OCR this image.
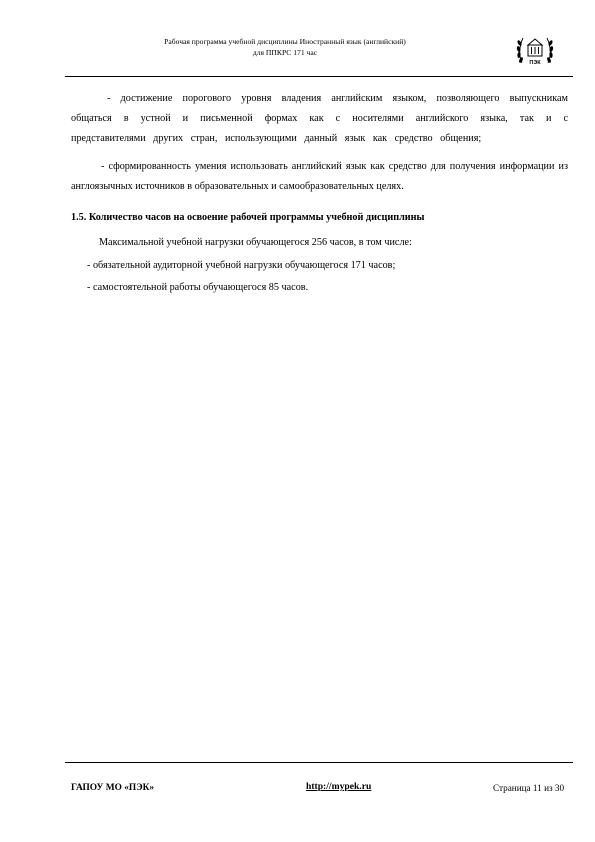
Рабочая программа учебной дисциплины Иностранный язык (английский)
для ППКРС 171 час
ПЭК
- достижение порогового уровня владения английским языком, позволяющего выпускникам общаться в устной и письменной формах как с носителями английского языка, так и с представителями других стран, использующими данный язык как средство общения;
- сформированность умения использовать английский язык как средство для получения информации из англоязычных источников в образовательных и самообразовательных целях.
1.5. Количество часов на освоение рабочей программы учебной дисциплины
Максимальной учебной нагрузки обучающегося 256 часов, в том числе:
- обязательной аудиторной учебной нагрузки обучающегося 171 часов;
- самостоятельной работы обучающегося 85 часов.
ГАПОУ МО «ПЭК»	http://mypek.ru	Страница 11 из 30
